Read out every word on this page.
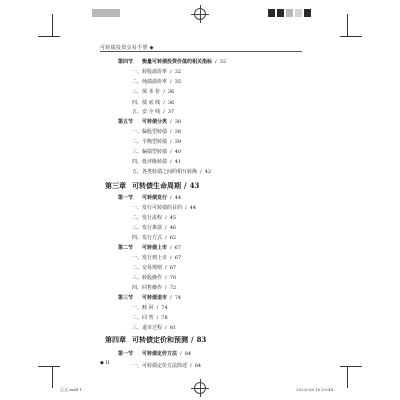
可转债投资交易手册 ◆
第四节 衡量可转债投资价值的相关指标 / 32
一、转股溢价率 / 32
二、纯债溢价率 / 35
三、保 本 价 / 36
四、债 底 线 / 36
五、安 全 线 / 37
第五节 可转债分类 / 38
一、偏股型转债 / 38
二、平衡型转债 / 39
三、偏债型转债 / 40
四、低评级转债 / 41
五、各类转债之间的相互转换 / 42
第三章 可转债生命周期 / 43
第一节 可转债发行 / 44
一、发行可转债的目的 / 44
二、发行流程 / 45
三、发行条款 / 46
四、发行方式 / 62
第二节 可转债上市 / 67
一、发行到上市 / 67
二、交易规则 / 67
三、转股操作 / 70
四、回售操作 / 72
第三节 可转债退市 / 74
一、赎 回 / 74
二、回 售 / 78
三、退市过程 / 81
第四章 可转债定价和预测 / 83
第一节 可转债定价方法 / 84
一、可转债定价方法简述 / 84
◆ II
正文.indd 1	2023/3/8 10:19:44
